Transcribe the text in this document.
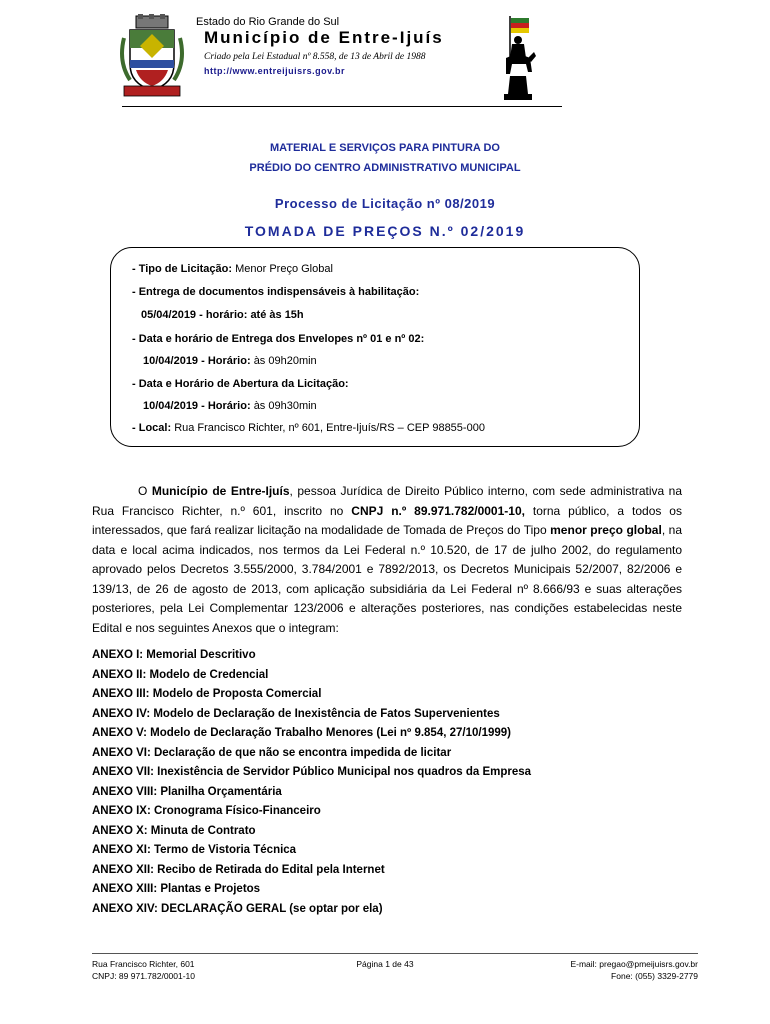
Estado do Rio Grande do Sul
Município de Entre-Ijuís
Criado pela Lei Estadual nº 8.558, de 13 de Abril de 1988
http://www.entreijuisrs.gov.br
MATERIAL E SERVIÇOS PARA PINTURA DO
PRÉDIO DO CENTRO ADMINISTRATIVO MUNICIPAL
Processo de Licitação nº 08/2019
TOMADA DE PREÇOS N.º 02/2019
- Tipo de Licitação: Menor Preço Global
- Entrega de documentos indispensáveis à habilitação:
05/04/2019 - horário: até às 15h
- Data e horário de Entrega dos Envelopes nº 01 e nº 02:
10/04/2019 - Horário: às 09h20min
- Data e Horário de Abertura da Licitação:
10/04/2019 - Horário: às 09h30min
- Local: Rua Francisco Richter, nº 601, Entre-Ijuís/RS – CEP 98855-000
O Município de Entre-Ijuís, pessoa Jurídica de Direito Público interno, com sede administrativa na Rua Francisco Richter, n.º 601, inscrito no CNPJ n.º 89.971.782/0001-10, torna público, a todos os interessados, que fará realizar licitação na modalidade de Tomada de Preços do Tipo menor preço global, na data e local acima indicados, nos termos da Lei Federal n.º 10.520, de 17 de julho 2002, do regulamento aprovado pelos Decretos 3.555/2000, 3.784/2001 e 7892/2013, os Decretos Municipais 52/2007, 82/2006 e 139/13, de 26 de agosto de 2013, com aplicação subsidiária da Lei Federal nº 8.666/93 e suas alterações posteriores, pela Lei Complementar 123/2006 e alterações posteriores, nas condições estabelecidas neste Edital e nos seguintes Anexos que o integram:
ANEXO I: Memorial Descritivo
ANEXO II: Modelo de Credencial
ANEXO III: Modelo de Proposta Comercial
ANEXO IV: Modelo de Declaração de Inexistência de Fatos Supervenientes
ANEXO V: Modelo de Declaração Trabalho Menores (Lei nº 9.854, 27/10/1999)
ANEXO VI: Declaração de que não se encontra impedida de licitar
ANEXO VII: Inexistência de Servidor Público Municipal nos quadros da Empresa
ANEXO VIII: Planilha Orçamentária
ANEXO IX: Cronograma Físico-Financeiro
ANEXO X: Minuta de Contrato
ANEXO XI: Termo de Vistoria Técnica
ANEXO XII: Recibo de Retirada do Edital pela Internet
ANEXO XIII: Plantas e Projetos
ANEXO XIV: DECLARAÇÃO GERAL (se optar por ela)
Rua Francisco Richter, 601
CNPJ: 89 971.782/0001-10
Página 1 de 43	E-mail: pregao@pmeijuisrs.gov.br
Fone: (055) 3329-2779
